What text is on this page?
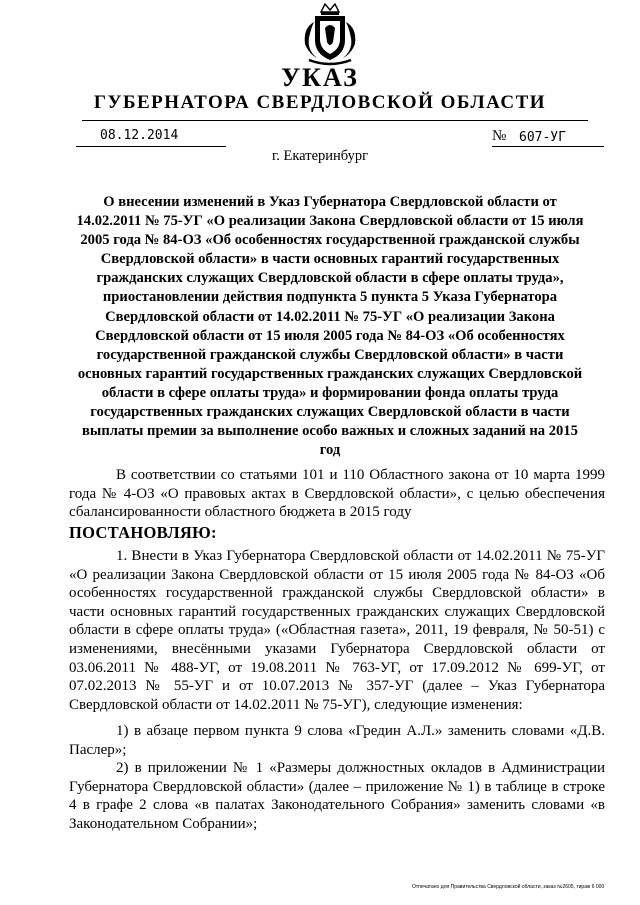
УКАЗ
ГУБЕРНАТОРА СВЕРДЛОВСКОЙ ОБЛАСТИ
08.12.2014	№ 607-УГ
г. Екатеринбург
О внесении изменений в Указ Губернатора Свердловской области от 14.02.2011 № 75-УГ «О реализации Закона Свердловской области от 15 июля 2005 года № 84-ОЗ «Об особенностях государственной гражданской службы Свердловской области» в части основных гарантий государственных гражданских служащих Свердловской области в сфере оплаты труда», приостановлении действия подпункта 5 пункта 5 Указа Губернатора Свердловской области от 14.02.2011 № 75-УГ «О реализации Закона Свердловской области от 15 июля 2005 года № 84-ОЗ «Об особенностях государственной гражданской службы Свердловской области» в части основных гарантий государственных гражданских служащих Свердловской области в сфере оплаты труда» и формировании фонда оплаты труда государственных гражданских служащих Свердловской области в части выплаты премии за выполнение особо важных и сложных заданий на 2015 год
В соответствии со статьями 101 и 110 Областного закона от 10 марта 1999 года № 4-ОЗ «О правовых актах в Свердловской области», с целью обеспечения сбалансированности областного бюджета в 2015 году
ПОСТАНОВЛЯЮ:
1. Внести в Указ Губернатора Свердловской области от 14.02.2011 № 75-УГ «О реализации Закона Свердловской области от 15 июля 2005 года № 84-ОЗ «Об особенностях государственной гражданской службы Свердловской области» в части основных гарантий государственных гражданских служащих Свердловской области в сфере оплаты труда» («Областная газета», 2011, 19 февраля, № 50-51) с изменениями, внесёнными указами Губернатора Свердловской области от 03.06.2011 № 488-УГ, от 19.08.2011 № 763-УГ, от 17.09.2012 № 699-УГ, от 07.02.2013 № 55-УГ и от 10.07.2013 № 357-УГ (далее – Указ Губернатора Свердловской области от 14.02.2011 № 75-УГ), следующие изменения:
1) в абзаце первом пункта 9 слова «Гредин А.Л.» заменить словами «Д.В. Паслер»;
2) в приложении № 1 «Размеры должностных окладов в Администрации Губернатора Свердловской области» (далее – приложение № 1) в таблице в строке 4 в графе 2 слова «в палатах Законодательного Собрания» заменить словами «в Законодательном Собрании»;
Отпечатано для Правительства Свердловской области, заказ №2605, тираж 6 000
